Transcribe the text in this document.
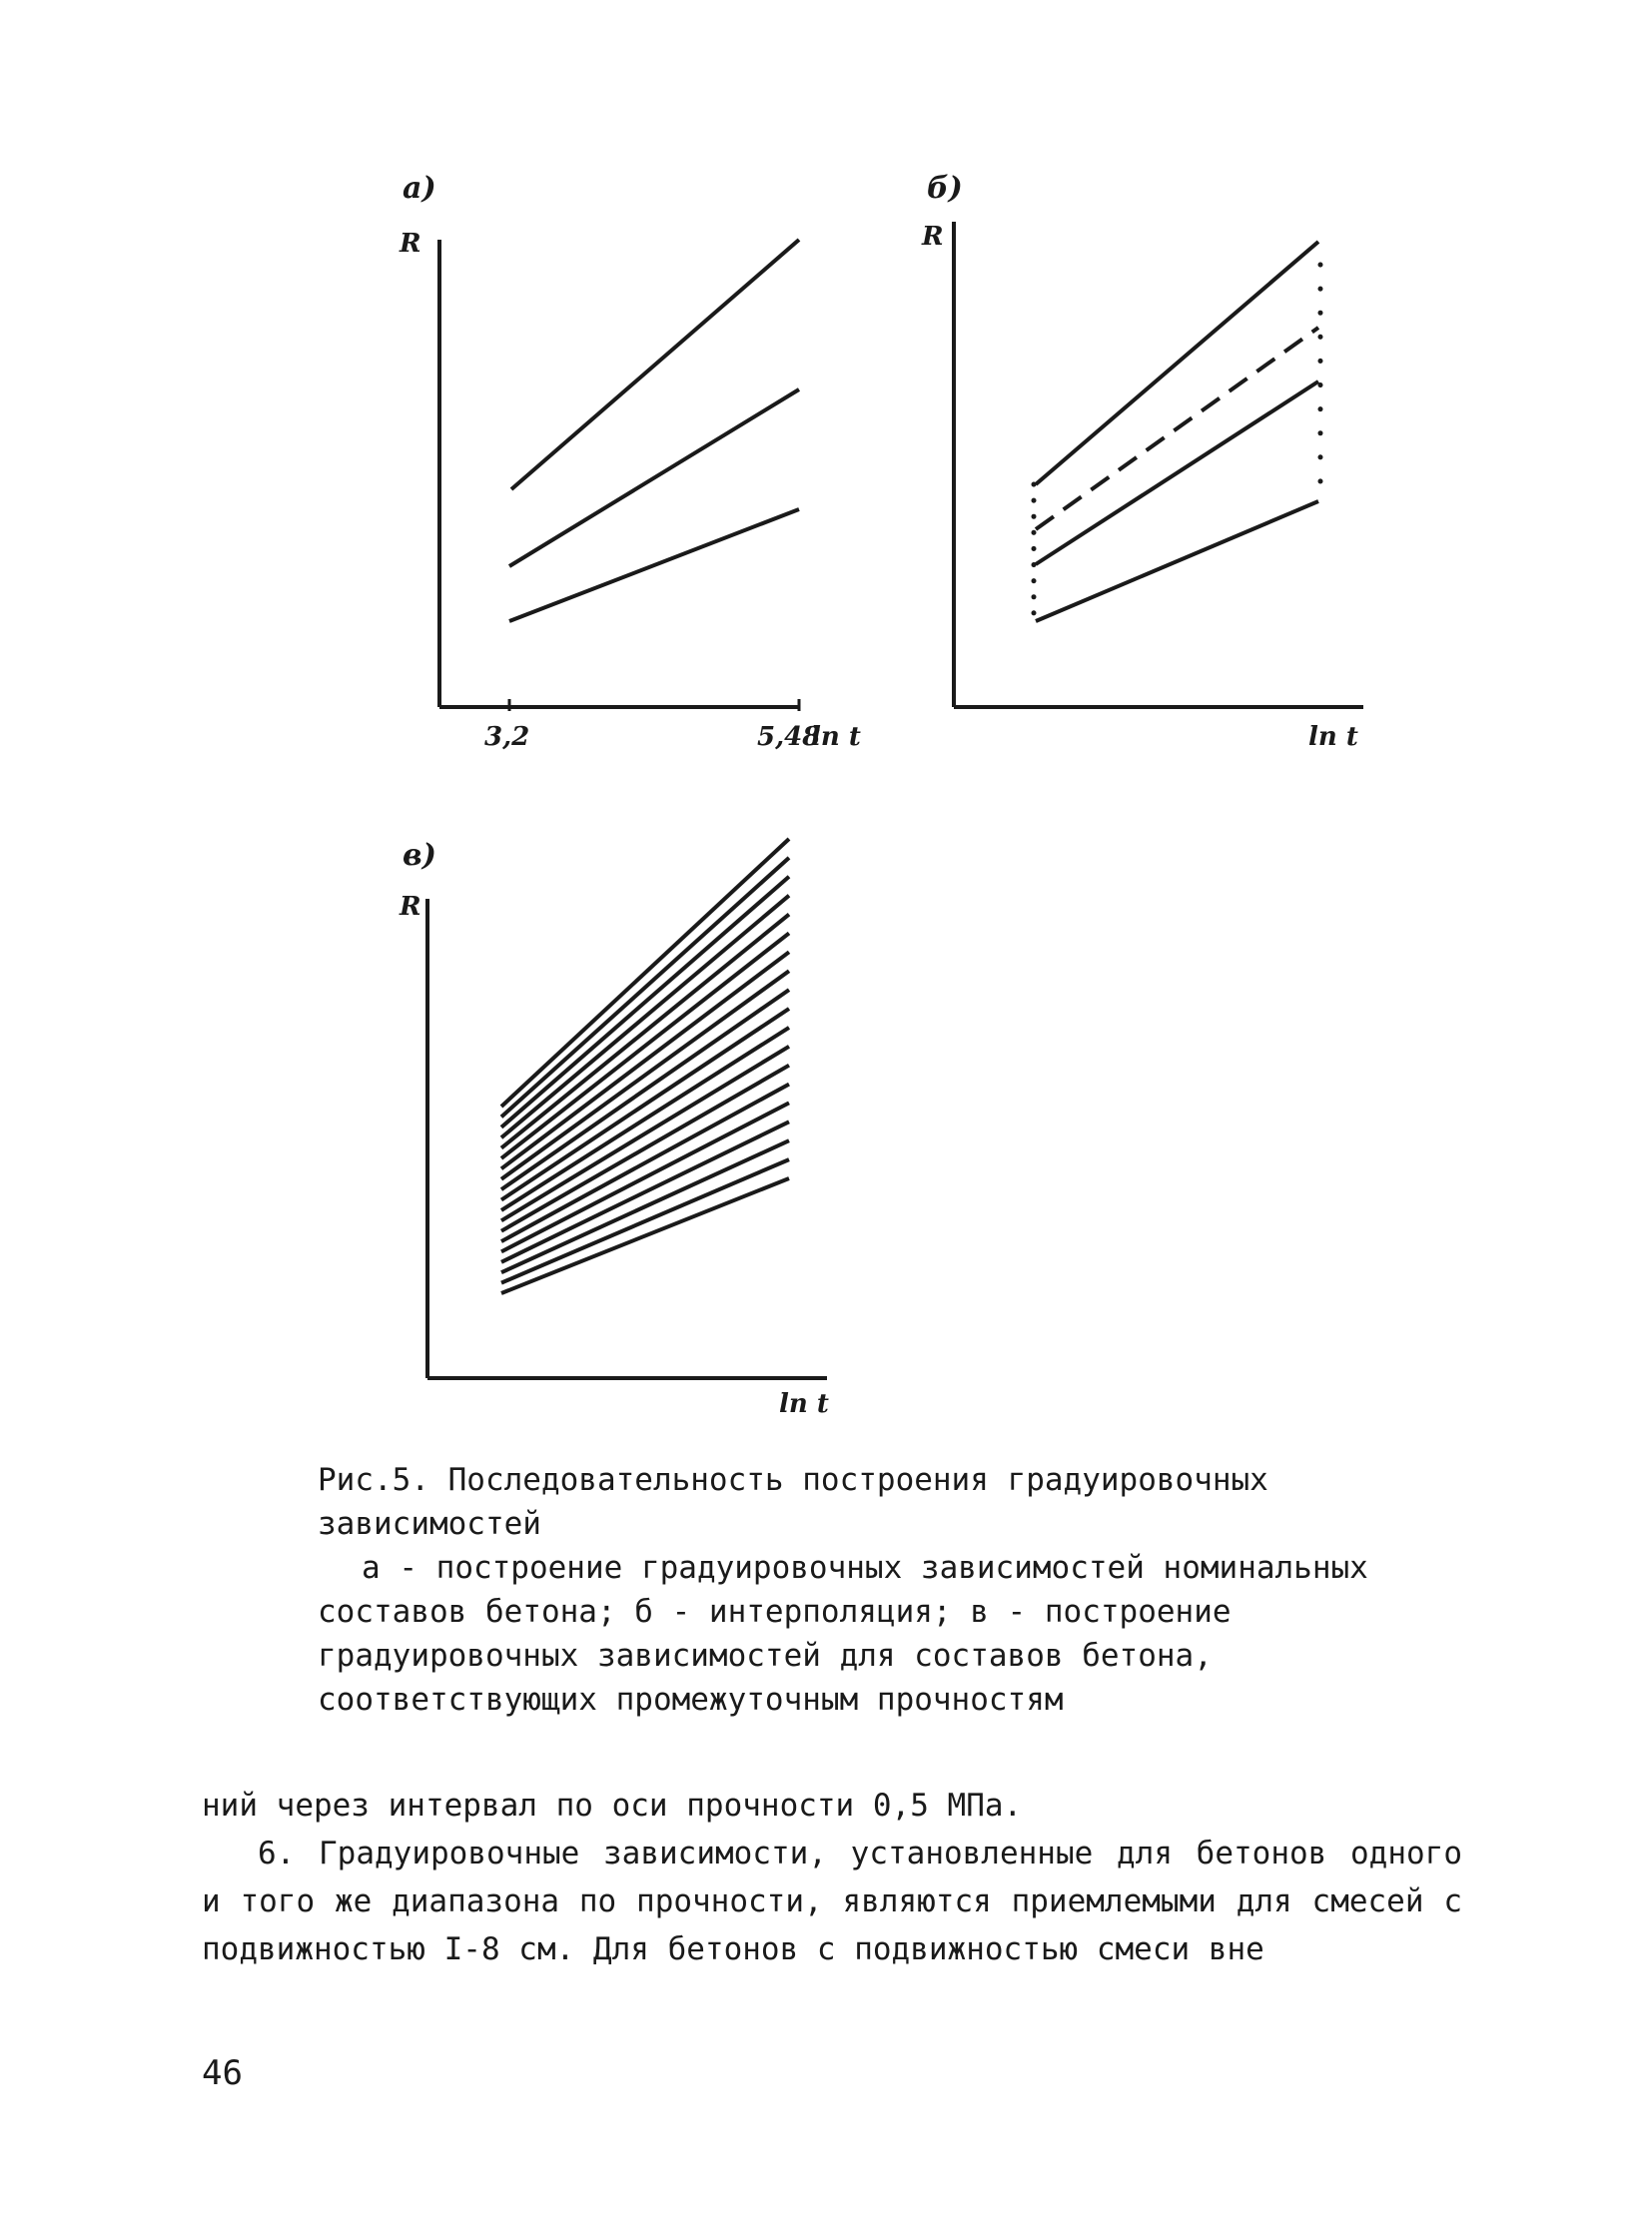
а)
R
3,2	5,48
ln t
б)
R
ln t
в)
R
ln t

Рис.5. Последовательность построения градуировочных зависимостей

а - построение градуировочных зависимостей номинальных составов бетона; б - интерполяция; в - построение градуировочных зависимостей для составов бетона, соответствующих промежуточным прочностям

ний через интервал по оси прочности 0,5 МПа.

6. Градуировочные зависимости, установленные для бетонов одного и того же диапазона по прочности, являются приемлемыми для смесей с подвижностью I-8 см. Для бетонов с подвижностью смеси вне

46
